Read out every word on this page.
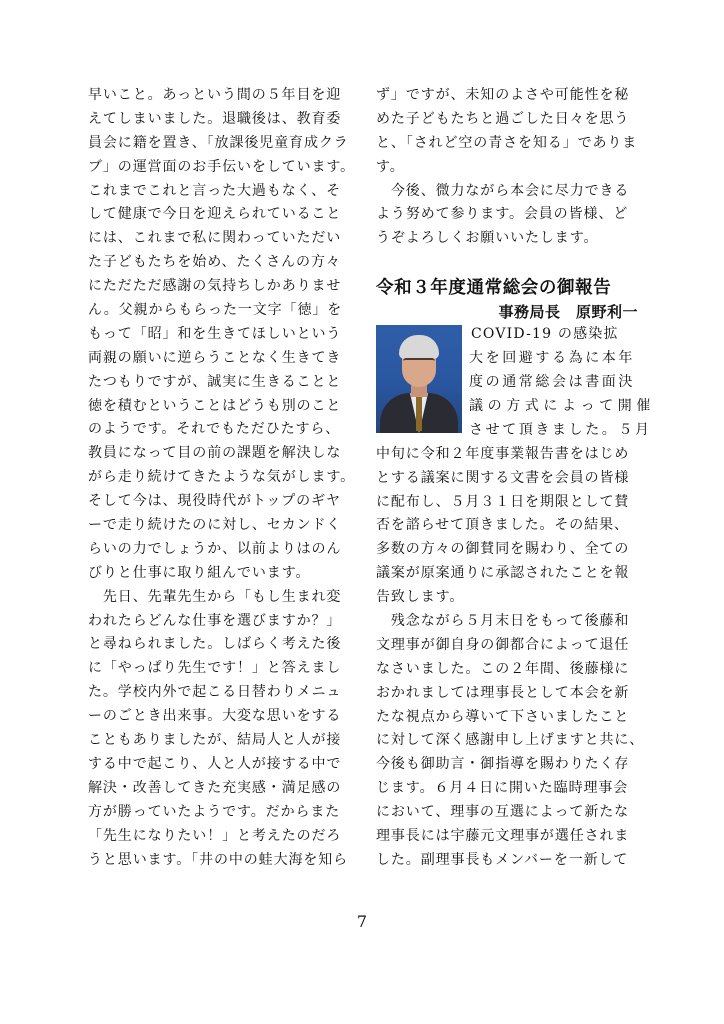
早いこと。あっという間の５年目を迎
えてしまいました。退職後は、教育委
員会に籍を置き、｢放課後児童育成クラ
ブ」の運営面のお手伝いをしています。
これまでこれと言った大過もなく、そ
して健康で今日を迎えられていること
には、これまで私に関わっていただい
た子どもたちを始め、たくさんの方々
にただただ感謝の気持ちしかありませ
ん。父親からもらった一文字「徳」を
もって「昭」和を生きてほしいという
両親の願いに逆らうことなく生きてき
たつもりですが、誠実に生きることと
徳を積むということはどうも別のこと
のようです。それでもただひたすら、
教員になって目の前の課題を解決しな
がら走り続けてきたような気がします。
そして今は、現役時代がトップのギヤ
ーで走り続けたのに対し、セカンドく
らいの力でしょうか、以前よりはのん
びりと仕事に取り組んでいます。
　先日、先輩先生から「もし生まれ変
われたらどんな仕事を選びますか？」
と尋ねられました。しばらく考えた後
に「やっぱり先生です！」と答えまし
た。学校内外で起こる日替わりメニュ
ーのごとき出来事。大変な思いをする
こともありましたが、結局人と人が接
する中で起こり、人と人が接する中で
解決・改善してきた充実感・満足感の
方が勝っていたようです。だからまた
「先生になりたい！」と考えたのだろ
うと思います。｢井の中の蛙大海を知ら
ず」ですが、未知のよさや可能性を秘
めた子どもたちと過ごした日々を思う
と、「されど空の青さを知る」でありま
す。
　今後、微力ながら本会に尽力できる
よう努めて参ります。会員の皆様、ど
うぞよろしくお願いいたします。
令和３年度通常総会の御報告
事務局長　原野利一
COVID-19 の感染拡
大を回避する為に本年
度の通常総会は書面決
議の方式によって開催
させて頂きました。５月
中旬に令和２年度事業報告書をはじめ
とする議案に関する文書を会員の皆様
に配布し、５月３１日を期限として賛
否を諮らせて頂きました。その結果、
多数の方々の御賛同を賜わり、全ての
議案が原案通りに承認されたことを報
告致します。
　残念ながら５月末日をもって後藤和
文理事が御自身の御都合によって退任
なさいました。この２年間、後藤様に
おかれましては理事長として本会を新
たな視点から導いて下さいましたこと
に対して深く感謝申し上げますと共に、
今後も御助言・御指導を賜わりたく存
じます。６月４日に開いた臨時理事会
において、理事の互選によって新たな
理事長には宇藤元文理事が選任されま
した。副理事長もメンバーを一新して
7
